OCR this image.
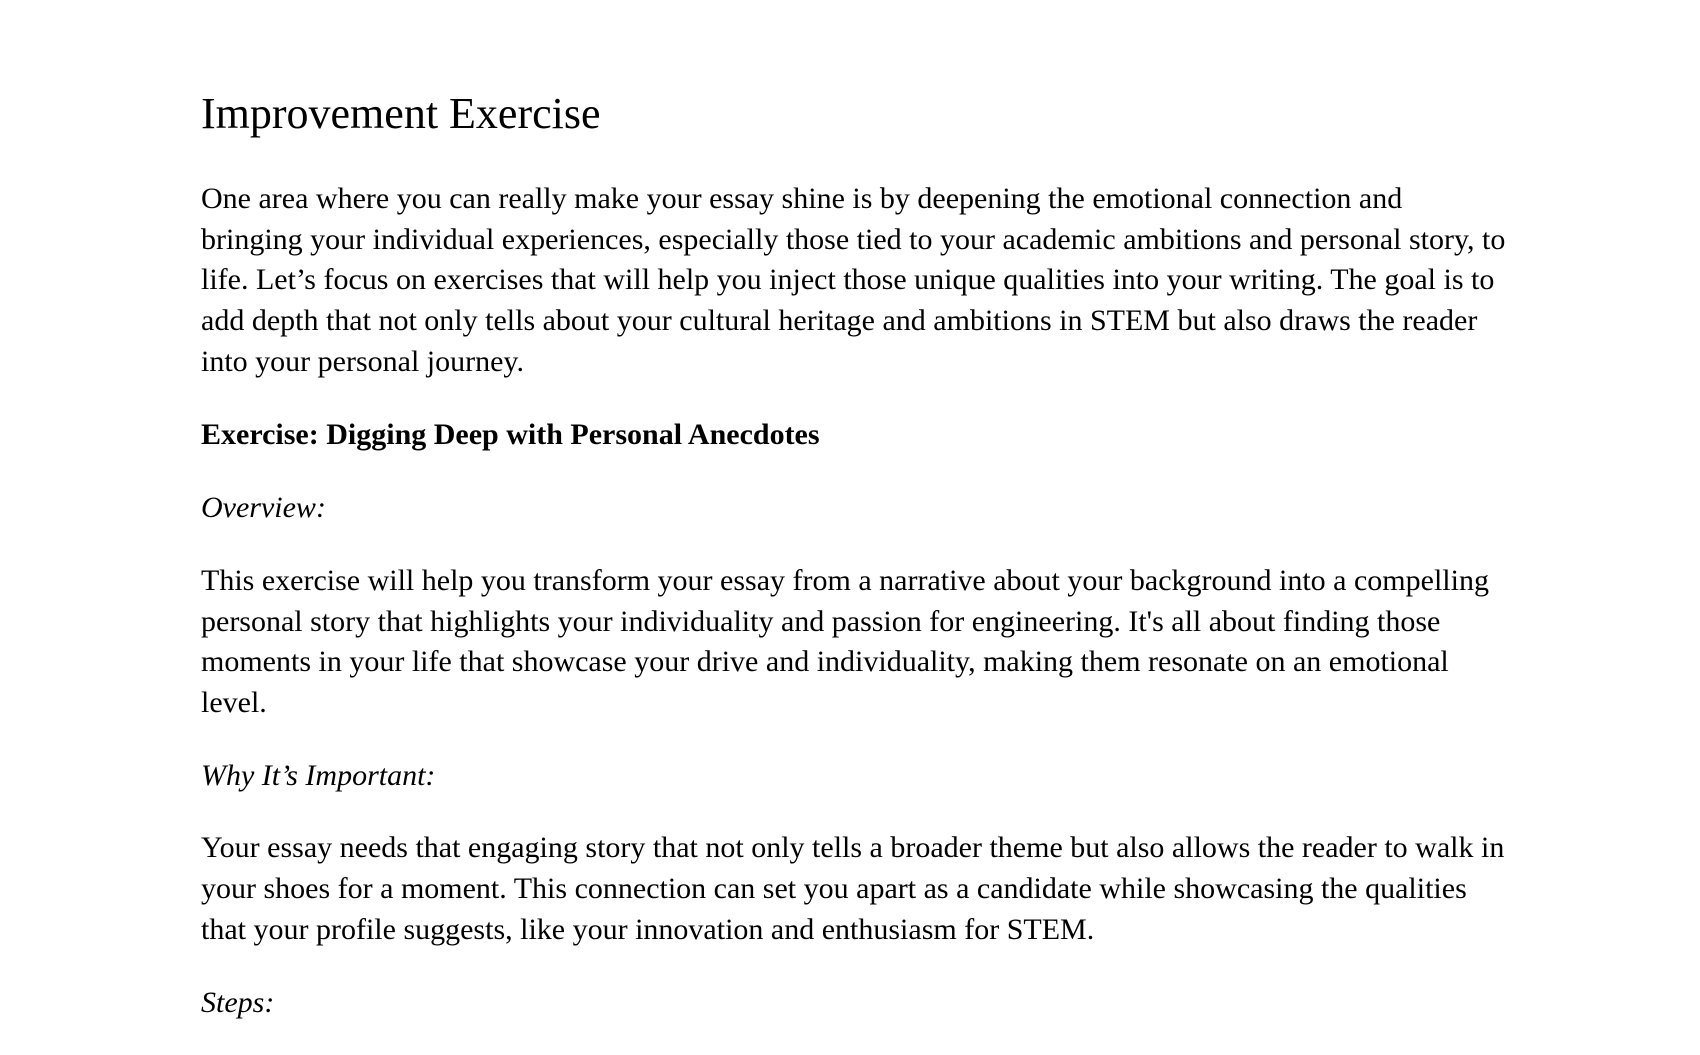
Improvement Exercise

One area where you can really make your essay shine is by deepening the emotional connection and bringing your individual experiences, especially those tied to your academic ambitions and personal story, to life. Let’s focus on exercises that will help you inject those unique qualities into your writing. The goal is to add depth that not only tells about your cultural heritage and ambitions in STEM but also draws the reader into your personal journey.

Exercise: Digging Deep with Personal Anecdotes

Overview:

This exercise will help you transform your essay from a narrative about your background into a compelling personal story that highlights your individuality and passion for engineering. It's all about finding those moments in your life that showcase your drive and individuality, making them resonate on an emotional level.

Why It’s Important:

Your essay needs that engaging story that not only tells a broader theme but also allows the reader to walk in your shoes for a moment. This connection can set you apart as a candidate while showcasing the qualities that your profile suggests, like your innovation and enthusiasm for STEM.

Steps:
